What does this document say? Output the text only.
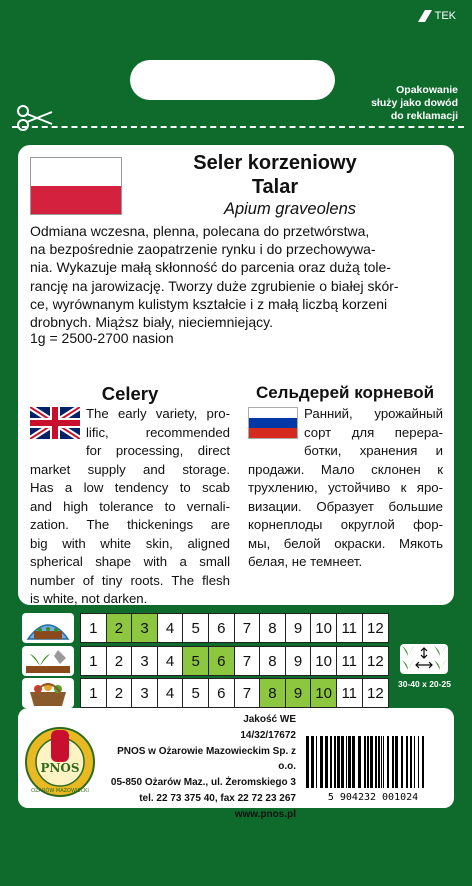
TEK
Opakowanie
służy jako dowód
do reklamacji
Seler korzeniowy
Talar
Apium graveolens
Odmiana wczesna, plenna, polecana do przetwórstwa,
na bezpośrednie zaopatrzenie rynku i do przechowywa-
nia. Wykazuje małą skłonność do parcenia oraz dużą tole-
rancję na jarowizację. Tworzy duże zgrubienie o białej skór-
ce, wyrównanym kulistym kształcie i z małą liczbą korzeni
drobnych. Miąższ biały, nieciemniejący.
1g = 2500-2700 nasion
Celery	Сельдерей корневой
The early variety, pro-
lific, recommended
for processing, direct
market supply and storage.
Has a low tendency to scab
and high tolerance to vernali-
zation. The thickenings are
big with white skin, aligned
spherical shape with a small
number of tiny roots. The flesh
is white, not darken.
Ранний, урожайный
сорт для перера-
ботки, хранения и
продажи. Мало склонен к
трухлению, устойчиво к яро-
визации. Образует большие
корнеплоды округлой фор-
мы, белой окраски. Мякоть
белая, не темнеет.
1	2	3	4	5	6	7	8	9 10 11 12
1	2	3	4	5	6	7	8	9 10 11 12
1	2	3	4	5	6	7	8	9 10 11 12
30-40 x 20-25
PNOS
OŻARÓW MAZOWIECKI
Jakość WE
14/32/17672
PNOS w Ożarowie Mazowieckim Sp. z o.o.
05-850 Ożarów Maz., ul. Żeromskiego 3
tel. 22 73 375 40, fax 22 72 23 267
www.pnos.pl
5 904232 001024
